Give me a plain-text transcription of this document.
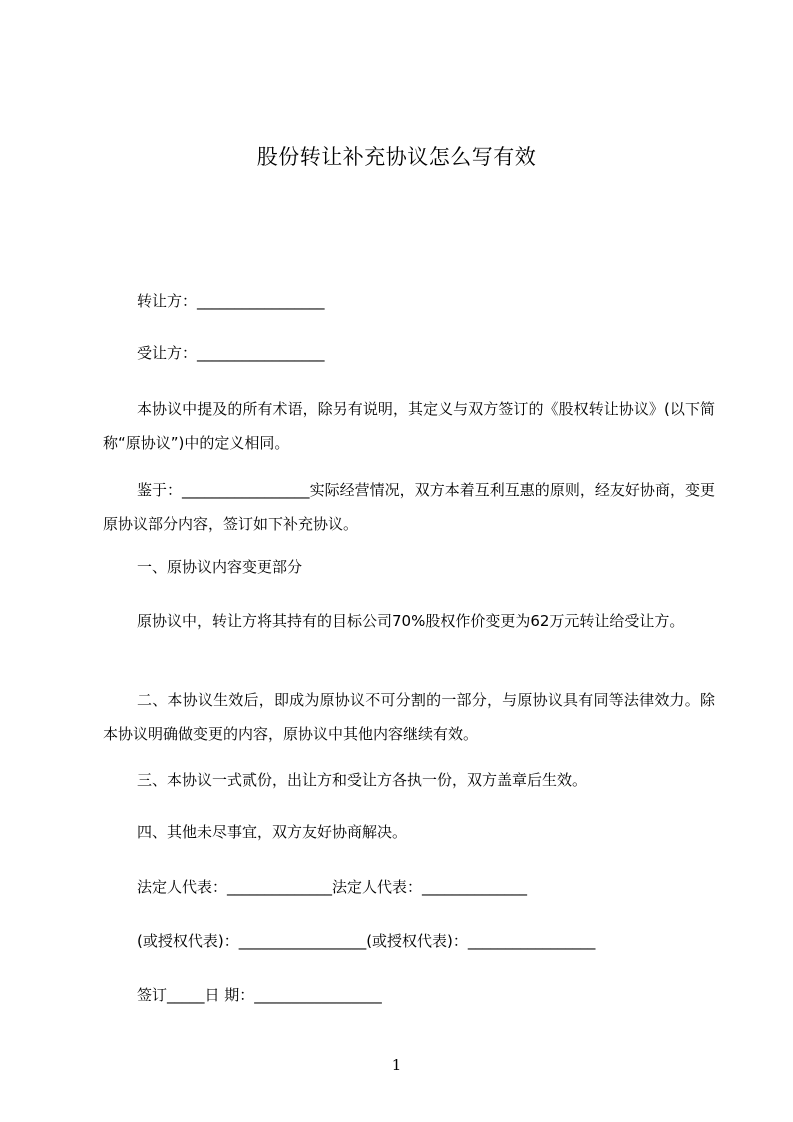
股份转让补充协议怎么写有效
转让方：_________________
受让方：_________________
本协议中提及的所有术语，除另有说明，其定义与双方签订的《股权转让协议》(以下简称“原协议”)中的定义相同。
鉴于：_________________实际经营情况，双方本着互利互惠的原则，经友好协商，变更原协议部分内容，签订如下补充协议。
一、原协议内容变更部分
原协议中，转让方将其持有的目标公司70%股权作价变更为62万元转让给受让方。
二、本协议生效后，即成为原协议不可分割的一部分，与原协议具有同等法律效力。除本协议明确做变更的内容，原协议中其他内容继续有效。
三、本协议一式贰份，出让方和受让方各执一份，双方盖章后生效。
四、其他未尽事宜，双方友好协商解决。
法定人代表：______________法定人代表：______________
(或授权代表)：_________________(或授权代表)：_________________
签订_____日 期：_________________
1
